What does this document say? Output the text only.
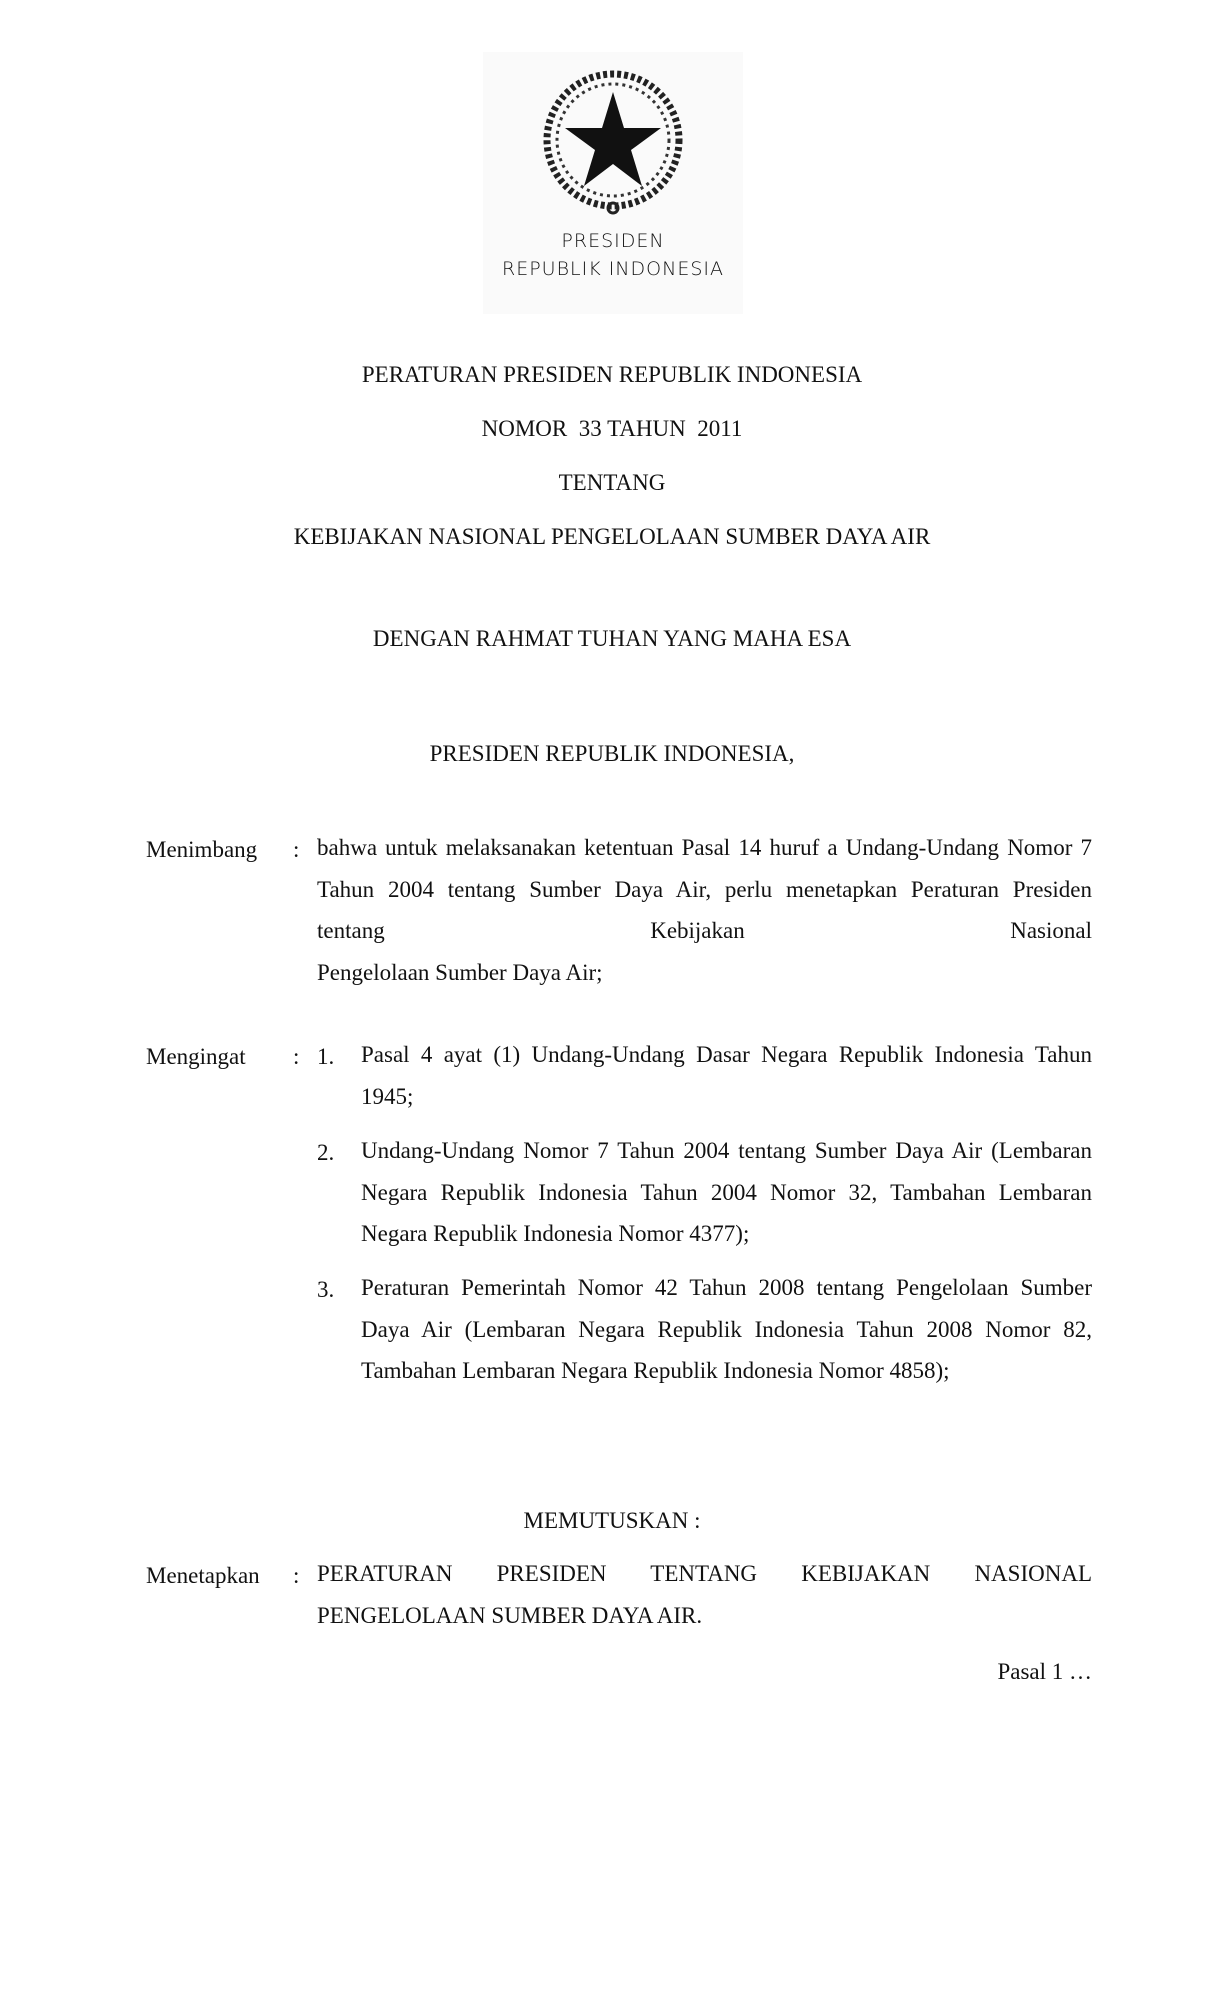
PRESIDEN
REPUBLIK INDONESIA
PERATURAN PRESIDEN REPUBLIK INDONESIA
NOMOR  33 TAHUN  2011
TENTANG
KEBIJAKAN NASIONAL PENGELOLAAN SUMBER DAYA AIR
DENGAN RAHMAT TUHAN YANG MAHA ESA
PRESIDEN REPUBLIK INDONESIA,
Menimbang : bahwa untuk melaksanakan ketentuan Pasal 14 huruf a Undang-Undang Nomor 7 Tahun 2004 tentang Sumber Daya Air, perlu menetapkan Peraturan Presiden tentang Kebijakan Nasional
Pengelolaan Sumber Daya Air;
Mengingat : 1. Pasal 4 ayat (1) Undang-Undang Dasar Negara Republik Indonesia Tahun 1945;
2. Undang-Undang Nomor 7 Tahun 2004 tentang Sumber Daya Air (Lembaran Negara Republik Indonesia Tahun 2004 Nomor 32, Tambahan Lembaran Negara Republik Indonesia Nomor 4377);
3. Peraturan Pemerintah Nomor 42 Tahun 2008 tentang Pengelolaan Sumber Daya Air (Lembaran Negara Republik Indonesia Tahun 2008 Nomor 82, Tambahan Lembaran Negara Republik Indonesia Nomor 4858);
MEMUTUSKAN :
Menetapkan : PERATURAN PRESIDEN TENTANG KEBIJAKAN NASIONAL
PENGELOLAAN SUMBER DAYA AIR.
Pasal 1 …
